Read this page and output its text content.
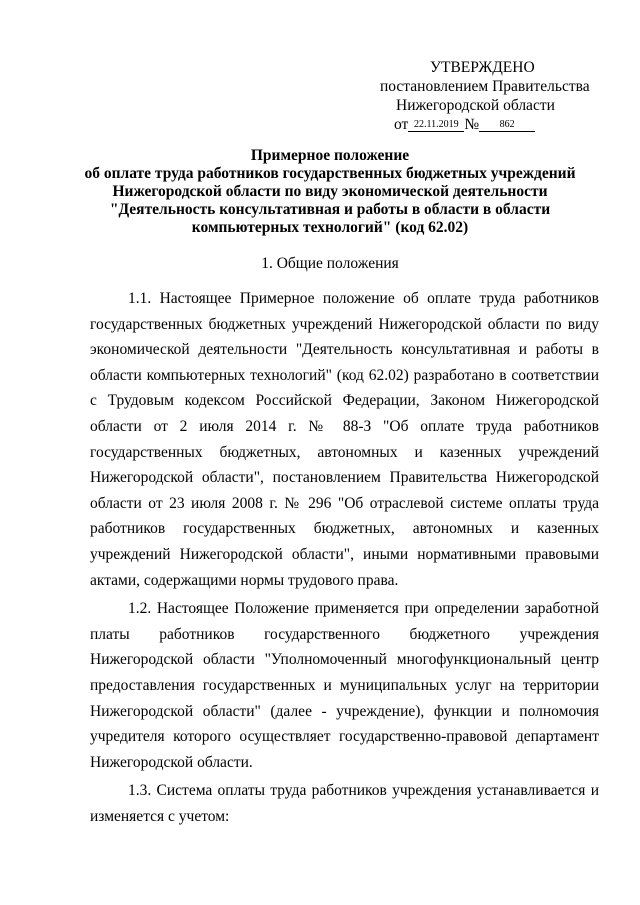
УТВЕРЖДЕНО
постановлением Правительства
Нижегородской области
от 22.11.2019 № 862
Примерное положение
об оплате труда работников государственных бюджетных учреждений
Нижегородской области по виду экономической деятельности
"Деятельность консультативная и работы в области в области
компьютерных технологий" (код 62.02)
1. Общие положения

1.1. Настоящее Примерное положение об оплате труда работников государственных бюджетных учреждений Нижегородской области по виду экономической деятельности "Деятельность консультативная и работы в области компьютерных технологий" (код 62.02) разработано в соответствии с Трудовым кодексом Российской Федерации, Законом Нижегородской области от 2 июля 2014 г. № 88-З "Об оплате труда работников государственных бюджетных, автономных и казенных учреждений Нижегородской области", постановлением Правительства Нижегородской области от 23 июля 2008 г. № 296 "Об отраслевой системе оплаты труда работников государственных бюджетных, автономных и казенных учреждений Нижегородской области", иными нормативными правовыми актами, содержащими нормы трудового права.

1.2. Настоящее Положение применяется при определении заработной платы работников государственного бюджетного учреждения Нижегородской области "Уполномоченный многофункциональный центр предоставления государственных и муниципальных услуг на территории Нижегородской области" (далее - учреждение), функции и полномочия учредителя которого осуществляет государственно-правовой департамент Нижегородской области.

1.3. Система оплаты труда работников учреждения устанавливается и изменяется с учетом:
